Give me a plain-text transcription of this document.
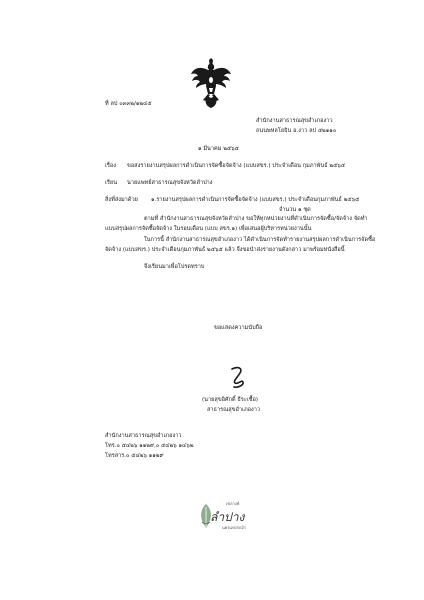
ที่ ลป ๐๓๓๒/๑๒๔๕
สำนักงานสาธารณสุขอำเภองาว
ถนนพหลโยธิน อ.งาว ลป ๕๒๑๑๐
๑ มีนาคม ๒๕๖๕
เรื่อง ขอส่งรายงานสรุปผลการดำเนินการจัดซื้อจัดจ้าง (แบบสขร.) ประจำเดือน กุมภาพันธ์ ๒๕๖๕
เรียน นายแพทย์สาธารณสุขจังหวัดลำปาง
สิ่งที่ส่งมาด้วย ๑.รายงานสรุปผลการดำเนินการจัดซื้อจัดจ้าง (แบบสขร.) ประจำเดือนกุมภาพันธ์ ๒๕๖๕
จำนวน ๑ ชุด
ตามที่ สำนักงานสาธารณสุขจังหวัดลำปาง ขอให้ทุกหน่วยงานที่ดำเนินการจัดซื้อ/จัดจ้าง จัดทำ
แบบสรุปผลการจัดซื้อจัดจ้าง ในรอบเดือน (แบบ สขร.๑) เพื่อเสนอผู้บริหารหน่วยงานนั้น
ในการนี้ สำนักงานสาธารณสุขอำเภองาว ได้ดำเนินการจัดทำรายงานสรุปผลการดำเนินการจัดซื้อ
จัดจ้าง (แบบสขร.) ประจำเดือนกุมภาพันธ์ ๒๕๖๕ แล้ว จึงขอนำส่งรายงานดังกล่าว มาพร้อมหนังสือนี้
จึงเรียนมาเพื่อโปรดทราบ
ขอแสดงความนับถือ
(นายสุขอิศักดิ์ ธีระเชื้อ)
สาธารณสุขอำเภองาว
สำนักงานสาธารณสุขอำเภองาว
โทร.๐ ๕๔๒๖ ๑๑๒๙,๐ ๕๔๒๖ ๑๔๖๒
โทรสาร.๐ ๕๔๒๖ ๑๑๒๙
เขลางค์
ลำปาง
นครแห่งรถม้า
